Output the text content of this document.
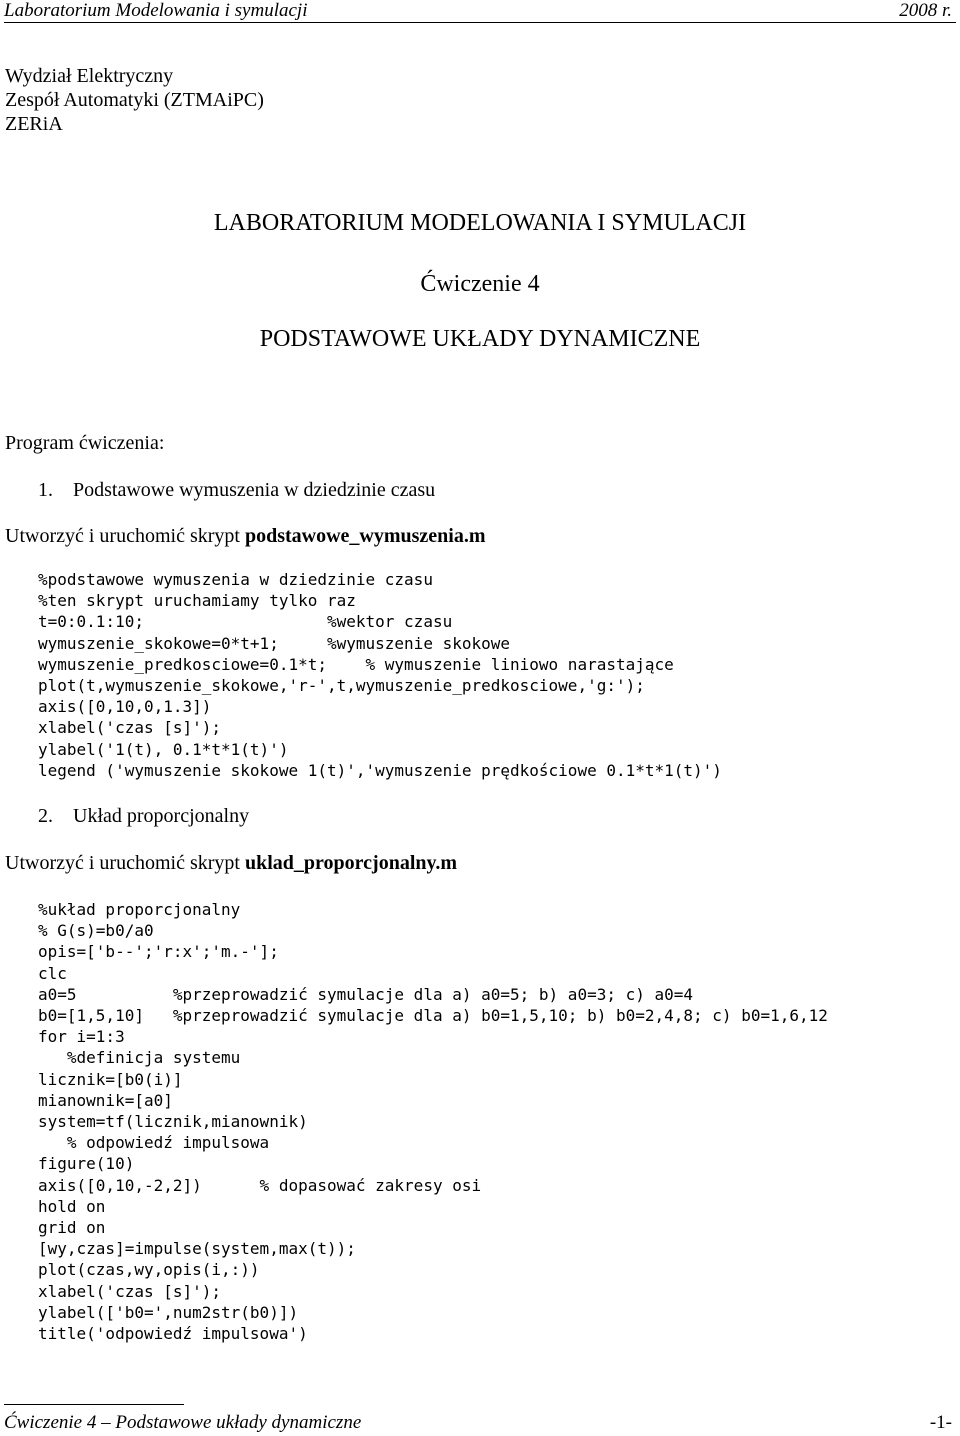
Laboratorium Modelowania i symulacji	2008 r.
Wydział Elektryczny
Zespół Automatyki (ZTMAiPC)
ZERiA
LABORATORIUM MODELOWANIA I SYMULACJI
Ćwiczenie 4
PODSTAWOWE UKŁADY DYNAMICZNE
Program ćwiczenia:
1. Podstawowe wymuszenia w dziedzinie czasu
Utworzyć i uruchomić skrypt podstawowe_wymuszenia.m
%podstawowe wymuszenia w dziedzinie czasu
%ten skrypt uruchamiamy tylko raz
t=0:0.1:10;                   %wektor czasu
wymuszenie_skokowe=0*t+1;     %wymuszenie skokowe
wymuszenie_predkosciowe=0.1*t;    % wymuszenie liniowo narastające
plot(t,wymuszenie_skokowe,'r-',t,wymuszenie_predkosciowe,'g:');
axis([0,10,0,1.3])
xlabel('czas [s]');
ylabel('1(t), 0.1*t*1(t)')
legend ('wymuszenie skokowe 1(t)','wymuszenie prędkościowe 0.1*t*1(t)')
2. Układ proporcjonalny
Utworzyć i uruchomić skrypt uklad_proporcjonalny.m
%układ proporcjonalny
% G(s)=b0/a0
opis=['b--';'r:x';'m.-'];
clc
a0=5          %przeprowadzić symulacje dla a) a0=5; b) a0=3; c) a0=4
b0=[1,5,10]   %przeprowadzić symulacje dla a) b0=1,5,10; b) b0=2,4,8; c) b0=1,6,12
for i=1:3
%definicja systemu
licznik=[b0(i)]
mianownik=[a0]
system=tf(licznik,mianownik)
% odpowiedź impulsowa
figure(10)
axis([0,10,-2,2])      % dopasować zakresy osi
hold on
grid on
[wy,czas]=impulse(system,max(t));
plot(czas,wy,opis(i,:))
xlabel('czas [s]');
ylabel(['b0=',num2str(b0)])
title('odpowiedź impulsowa')
Ćwiczenie 4 – Podstawowe układy dynamiczne	-1-
